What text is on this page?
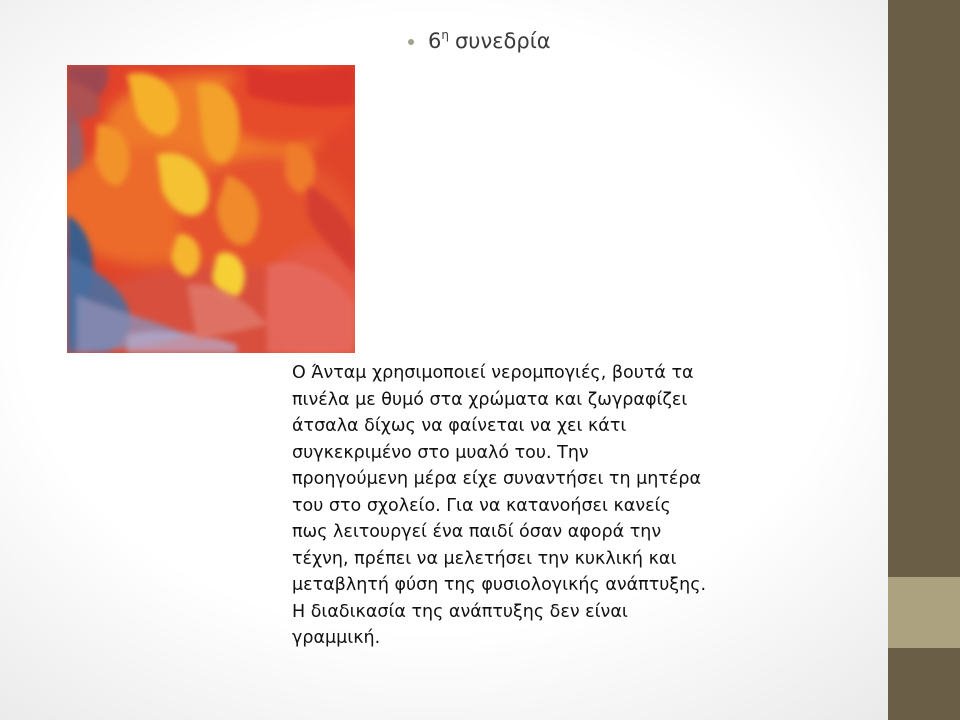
$6^\eta$ συνεδρία
Ο Άνταμ χρησιμοποιεί νερομπογιές, βουτά τα
πινέλα με θυμό στα χρώματα και ζωγραφίζει
άτσαλα δίχως να φαίνεται να χει κάτι
συγκεκριμένο στο μυαλό του. Την
προηγούμενη μέρα είχε συναντήσει τη μητέρα
του στο σχολείο. Για να κατανοήσει κανείς
πως λειτουργεί ένα παιδί όσαν αφορά την
τέχνη, πρέπει να μελετήσει την κυκλική και
μεταβλητή φύση της φυσιολογικής ανάπτυξης.
Η διαδικασία της ανάπτυξης δεν είναι
γραμμική.
